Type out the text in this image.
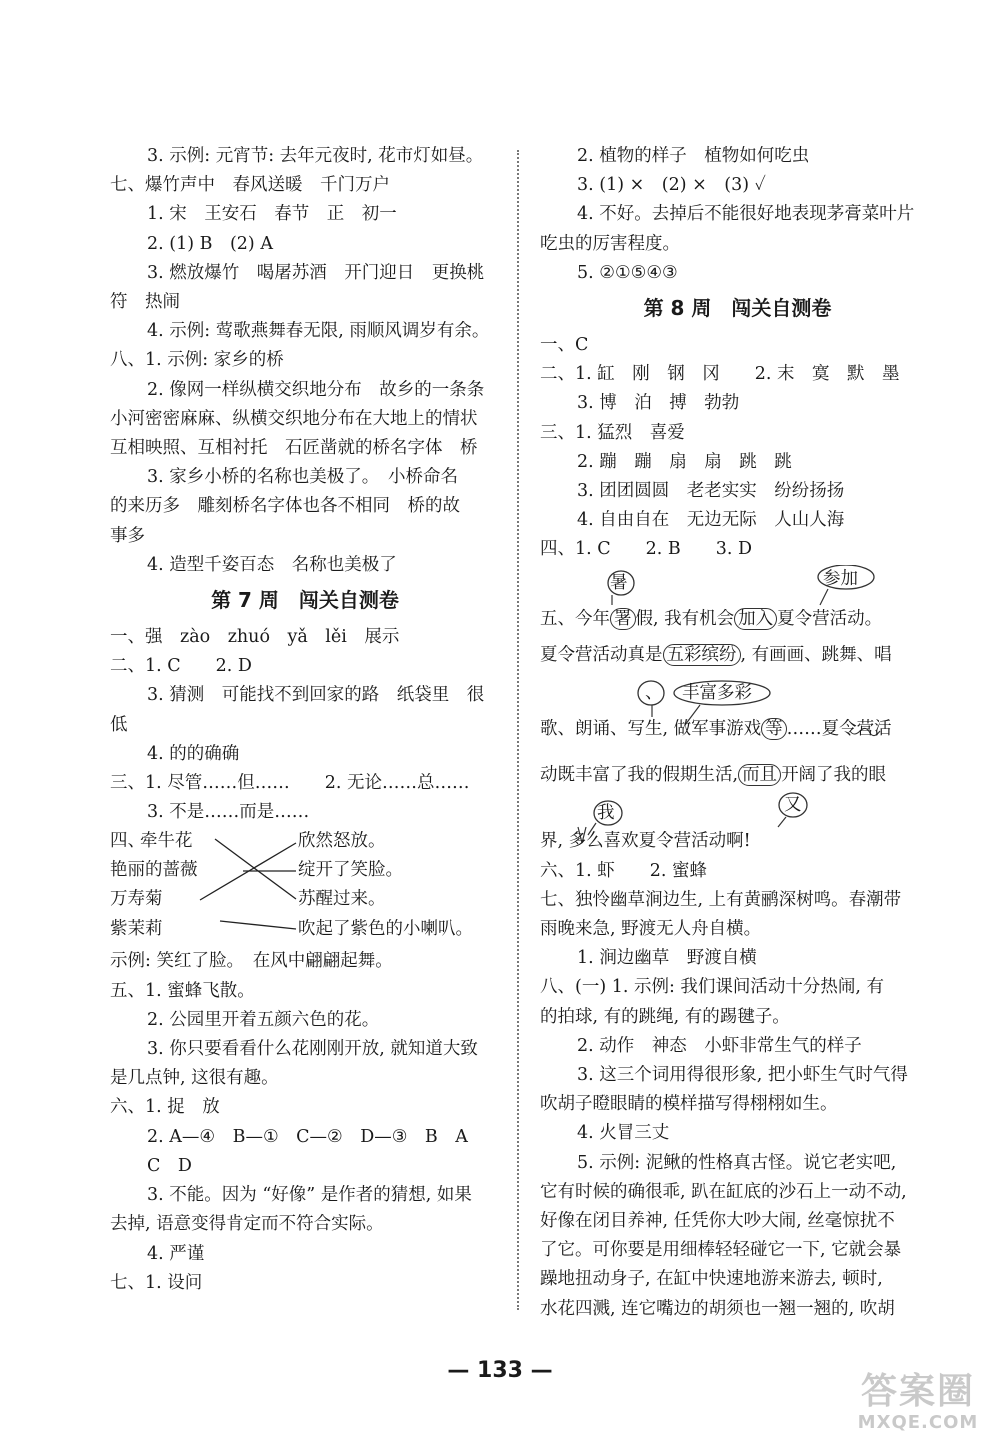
3. 示例: 元宵节: 去年元夜时, 花市灯如昼。
七、爆竹声中　春风送暖　千门万户
1. 宋　王安石　春节　正　初一
2. (1) B　(2) A
3. 燃放爆竹　喝屠苏酒　开门迎日　更换桃
符　热闹
4. 示例: 莺歌燕舞春无限, 雨顺风调岁有余。
八、1. 示例: 家乡的桥
2. 像网一样纵横交织地分布　故乡的一条条
小河密密麻麻、纵横交织地分布在大地上的情状
互相映照、互相衬托　石匠凿就的桥名字体　桥
3. 家乡小桥的名称也美极了。　小桥命名
的来历多　雕刻桥名字体也各不相同　桥的故
事多
4. 造型千姿百态　名称也美极了
第 7 周　闯关自测卷
一、强　zào　zhuó　yǎ　lěi　展示
二、1. C　　2. D
3. 猜测　可能找不到回家的路　纸袋里　很
低
4. 的的确确
三、1. 尽管……但……　　2. 无论……总……
3. 不是……而是……
四、
牵牛花
艳丽的蔷薇
万寿菊
紫茉莉
欣然怒放。
绽开了笑脸。
苏醒过来。
吹起了紫色的小喇叭。
示例: 笑红了脸。　在风中翩翩起舞。
五、1. 蜜蜂飞散。
2. 公园里开着五颜六色的花。
3. 你只要看看什么花刚刚开放, 就知道大致
是几点钟, 这很有趣。
六、1. 捉　放
2. A—④　B—①　C—②　D—③　B　A
C　D
3. 不能。因为 “好像” 是作者的猜想, 如果
去掉, 语意变得肯定而不符合实际。
4. 严谨
七、1. 设问
2. 植物的样子　植物如何吃虫
3. (1) ×　(2) ×　(3) ✓
4. 不好。去掉后不能很好地表现茅膏菜叶片
吃虫的厉害程度。
5. ②①⑤④③
第 8 周　闯关自测卷
一、C
二、1. 缸　刚　钢　冈　　2. 末　寞　默　墨
3. 博　泊　搏　勃勃
三、1. 猛烈　喜爱
2. 蹦　蹦　扇　扇　跳　跳
3. 团团圆圆　老老实实　纷纷扬扬
4. 自由自在　无边无际　人山人海
四、1. C　　2. B　　3. D
暑	参加
五、今年 署 假, 我有机会 加入 夏令营活动。
夏令营活动真是 五彩缤纷 , 有画画、跳舞、唱
、 丰富多彩
歌、朗诵、写生, 做军事游戏 等 ……夏令营活
动既丰富了我的假期生活, 而且 开阔了我的眼
我	又
界, 多么喜欢夏令营活动啊!
六、1. 虾　　2. 蜜蜂
七、独怜幽草涧边生, 上有黄鹂深树鸣。春潮带
雨晚来急, 野渡无人舟自横。
1. 涧边幽草　野渡自横
八、(一) 1. 示例: 我们课间活动十分热闹, 有
的拍球, 有的跳绳, 有的踢毽子。
2. 动作　神态　小虾非常生气的样子
3. 这三个词用得很形象, 把小虾生气时气得
吹胡子瞪眼睛的模样描写得栩栩如生。
4. 火冒三丈
5. 示例: 泥鳅的性格真古怪。说它老实吧,
它有时候的确很乖, 趴在缸底的沙石上一动不动,
好像在闭目养神, 任凭你大吵大闹, 丝毫惊扰不
了它。可你要是用细棒轻轻碰它一下, 它就会暴
躁地扭动身子, 在缸中快速地游来游去, 顿时,
水花四溅, 连它嘴边的胡须也一翘一翘的, 吹胡
— 133 —
答案圈
MXQE.COM
